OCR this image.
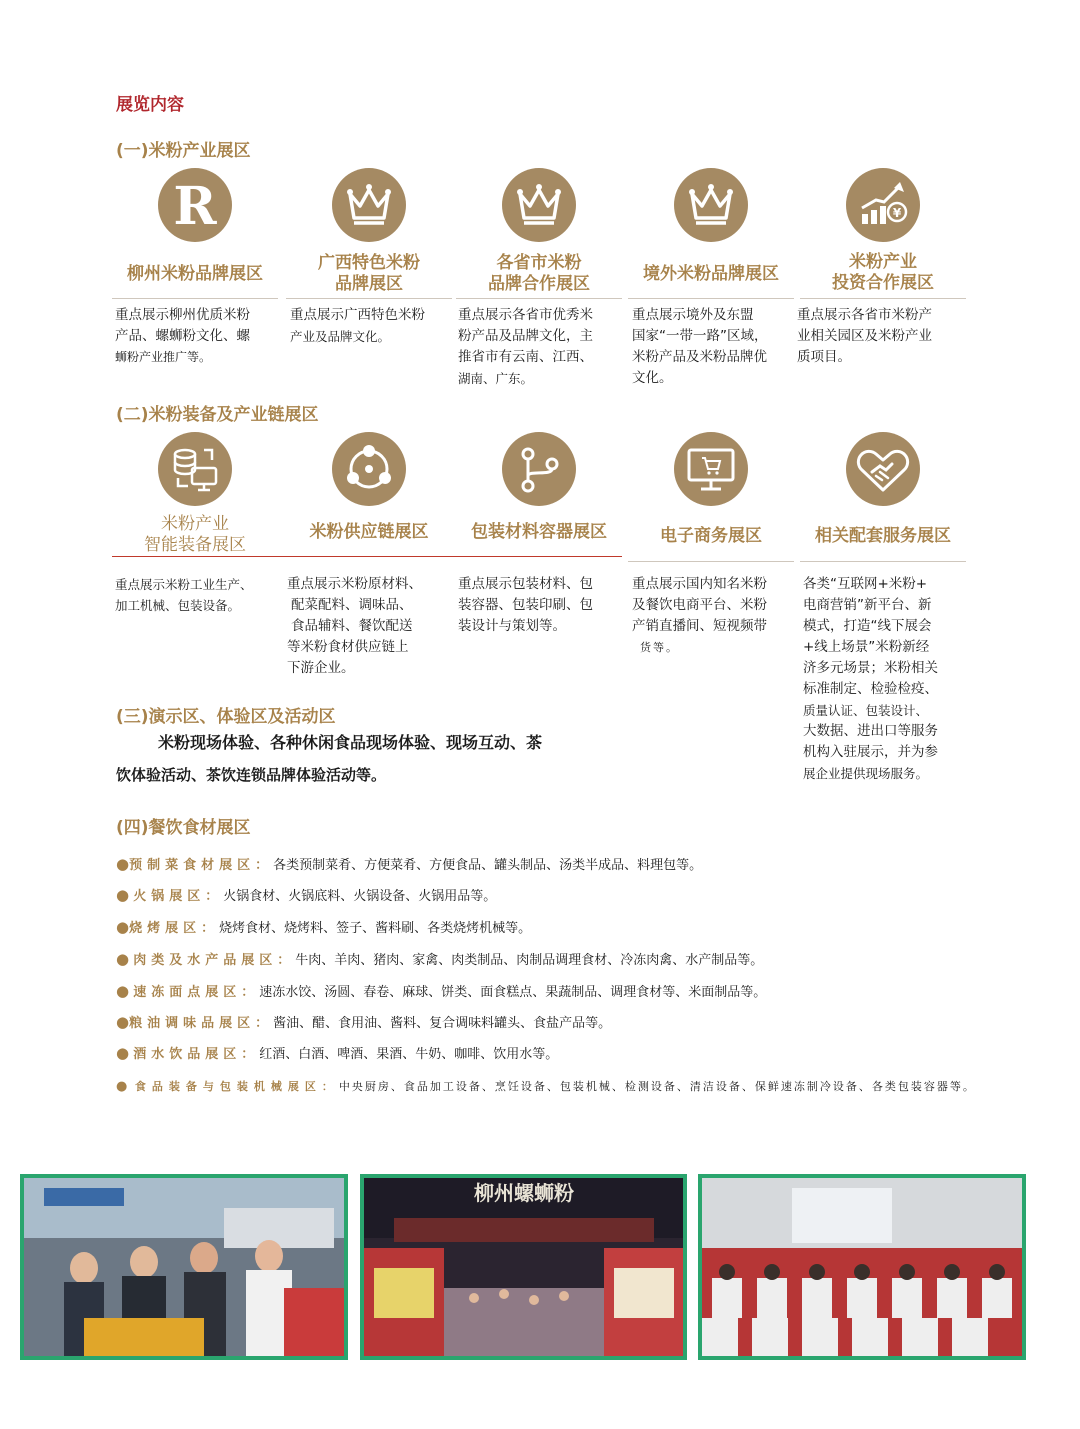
展览内容
(一)米粉产业展区
R	¥
柳州米粉品牌展区
广西特色米粉
品牌展区
各省市米粉
品牌合作展区	境外米粉品牌展区
米粉产业
投资合作展区
重点展示柳州优质米粉
产品、螺蛳粉文化、螺
蛳粉产业推广等。
重点展示广西特色米粉
产业及品牌文化。
重点展示各省市优秀米
粉产品及品牌文化，主
推省市有云南、江西、
湖南、广东。
重点展示境外及东盟
国家“一带一路”区域，
米粉产品及米粉品牌优
文化。
重点展示各省市米粉产
业相关园区及米粉产业
质项目。
(二)米粉装备及产业链展区
米粉产业
智能装备展区
米粉供应链展区	包装材料容器展区	电子商务展区	相关配套服务展区
重点展示米粉工业生产、
加工机械、包装设备。
重点展示米粉原材料、
配菜配料、调味品、
食品辅料、餐饮配送
等米粉食材供应链上
下游企业。
重点展示包装材料、包
装容器、包装印刷、包
装设计与策划等。
重点展示国内知名米粉
及餐饮电商平台、米粉
产销直播间、短视频带
货等。
各类“互联网+米粉+
电商营销”新平台、新
模式，打造“线下展会
+线上场景”米粉新经
济多元场景；米粉相关
标准制定、检验检疫、
质量认证、包装设计、
大数据、进出口等服务
机构入驻展示，并为参
展企业提供现场服务。
(三)演示区、体验区及活动区
米粉现场体验、各种休闲食品现场体验、现场互动、茶
饮体验活动、茶饮连锁品牌体验活动等。
(四)餐饮食材展区
●预制菜食材展区：各类预制菜肴、方便菜肴、方便食品、罐头制品、汤类半成品、料理包等。
● 火锅展区：火锅食材、火锅底料、火锅设备、火锅用品等。
●烧烤展区：烧烤食材、烧烤料、签子、酱料刷、各类烧烤机械等。
● 肉类及水产品展区：牛肉、羊肉、猪肉、家禽、肉类制品、肉制品调理食材、冷冻肉禽、水产制品等。
● 速冻面点展区：速冻水饺、汤圆、春卷、麻球、饼类、面食糕点、果蔬制品、调理食材等、米面制品等。
●粮油调味品展区：酱油、醋、食用油、酱料、复合调味料罐头、食盐产品等。
● 酒水饮品展区：红酒、白酒、啤酒、果酒、牛奶、咖啡、饮用水等。
● 食品装备与包装机械展区：中央厨房、食品加工设备、烹饪设备、包装机械、检测设备、清洁设备、保鲜速冻制冷设备、各类包装容器等。
柳州螺蛳粉
